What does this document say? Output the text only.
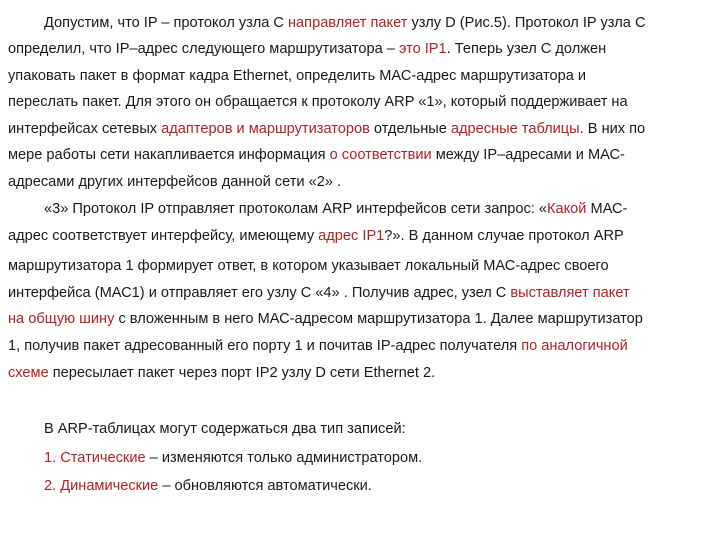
Допустим, что IP – протокол узла С направляет пакет узлу D (Рис.5). Протокол IP узла С
определил, что IP–адрес следующего маршрутизатора – это IP1. Теперь узел С должен
упаковать пакет в формат кадра Ethernet, определить МАС-адрес маршрутизатора и
переслать пакет. Для этого он обращается к протоколу ARP «1», который поддерживает на
интерфейсах сетевых адаптеров и маршрутизаторов отдельные адресные таблицы. В них по
мере работы сети накапливается информация о соответствии между IP–адресами и МАС-
адресами других интерфейсов данной сети «2» .
«3» Протокол IP отправляет протоколам ARP интерфейсов сети запрос: «Какой МАС-
адрес соответствует интерфейсу, имеющему адрес IP1?». В данном случае протокол ARP
маршрутизатора 1 формирует ответ, в котором указывает локальный МАС-адрес своего
интерфейса (МАС1) и отправляет его узлу С «4» . Получив адрес, узел С выставляет пакет
на общую шину с вложенным в него МАС-адресом маршрутизатора 1. Далее маршрутизатор
1, получив пакет адресованный его порту 1 и почитав IP-адрес получателя по аналогичной
схеме пересылает пакет через порт IP2 узлу D сети Ethernet 2.
В ARP-таблицах могут содержаться два тип записей:
1. Статические – изменяются только администратором.
2. Динамические – обновляются автоматически.
